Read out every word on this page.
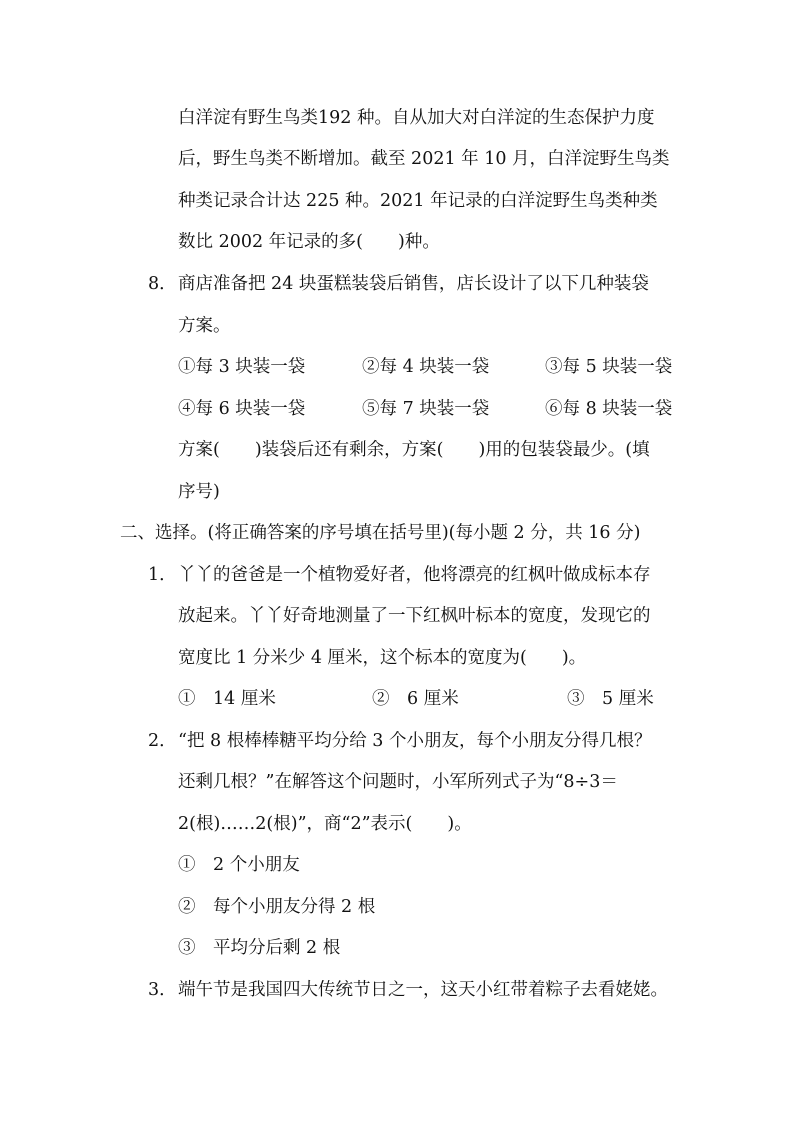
白洋淀有野生鸟类192 种。自从加大对白洋淀的生态保护力度
后，野生鸟类不断增加。截至 2021 年 10 月，白洋淀野生鸟类
种类记录合计达 225 种。2021 年记录的白洋淀野生鸟类种类
数比 2002 年记录的多(　　)种。
8． 商店准备把 24 块蛋糕装袋后销售，店长设计了以下几种装袋
方案。
①每 3 块装一袋	②每 4 块装一袋	③每 5 块装一袋
④每 6 块装一袋	⑤每 7 块装一袋	⑥每 8 块装一袋
方案(　　)装袋后还有剩余，方案(　　)用的包装袋最少。(填
序号)
二、选择。(将正确答案的序号填在括号里)(每小题 2 分，共 16 分)
1． 丫丫的爸爸是一个植物爱好者，他将漂亮的红枫叶做成标本存
放起来。丫丫好奇地测量了一下红枫叶标本的宽度，发现它的
宽度比 1 分米少 4 厘米，这个标本的宽度为(　　)。
①　14 厘米	②　6 厘米	③　5 厘米
2． “把 8 根棒棒糖平均分给 3 个小朋友，每个小朋友分得几根？
还剩几根？”在解答这个问题时，小军所列式子为“8÷3＝
2(根)……2(根)”，商“2”表示(　　)。
①　2 个小朋友
②　每个小朋友分得 2 根
③　平均分后剩 2 根
3． 端午节是我国四大传统节日之一，这天小红带着粽子去看姥姥。
